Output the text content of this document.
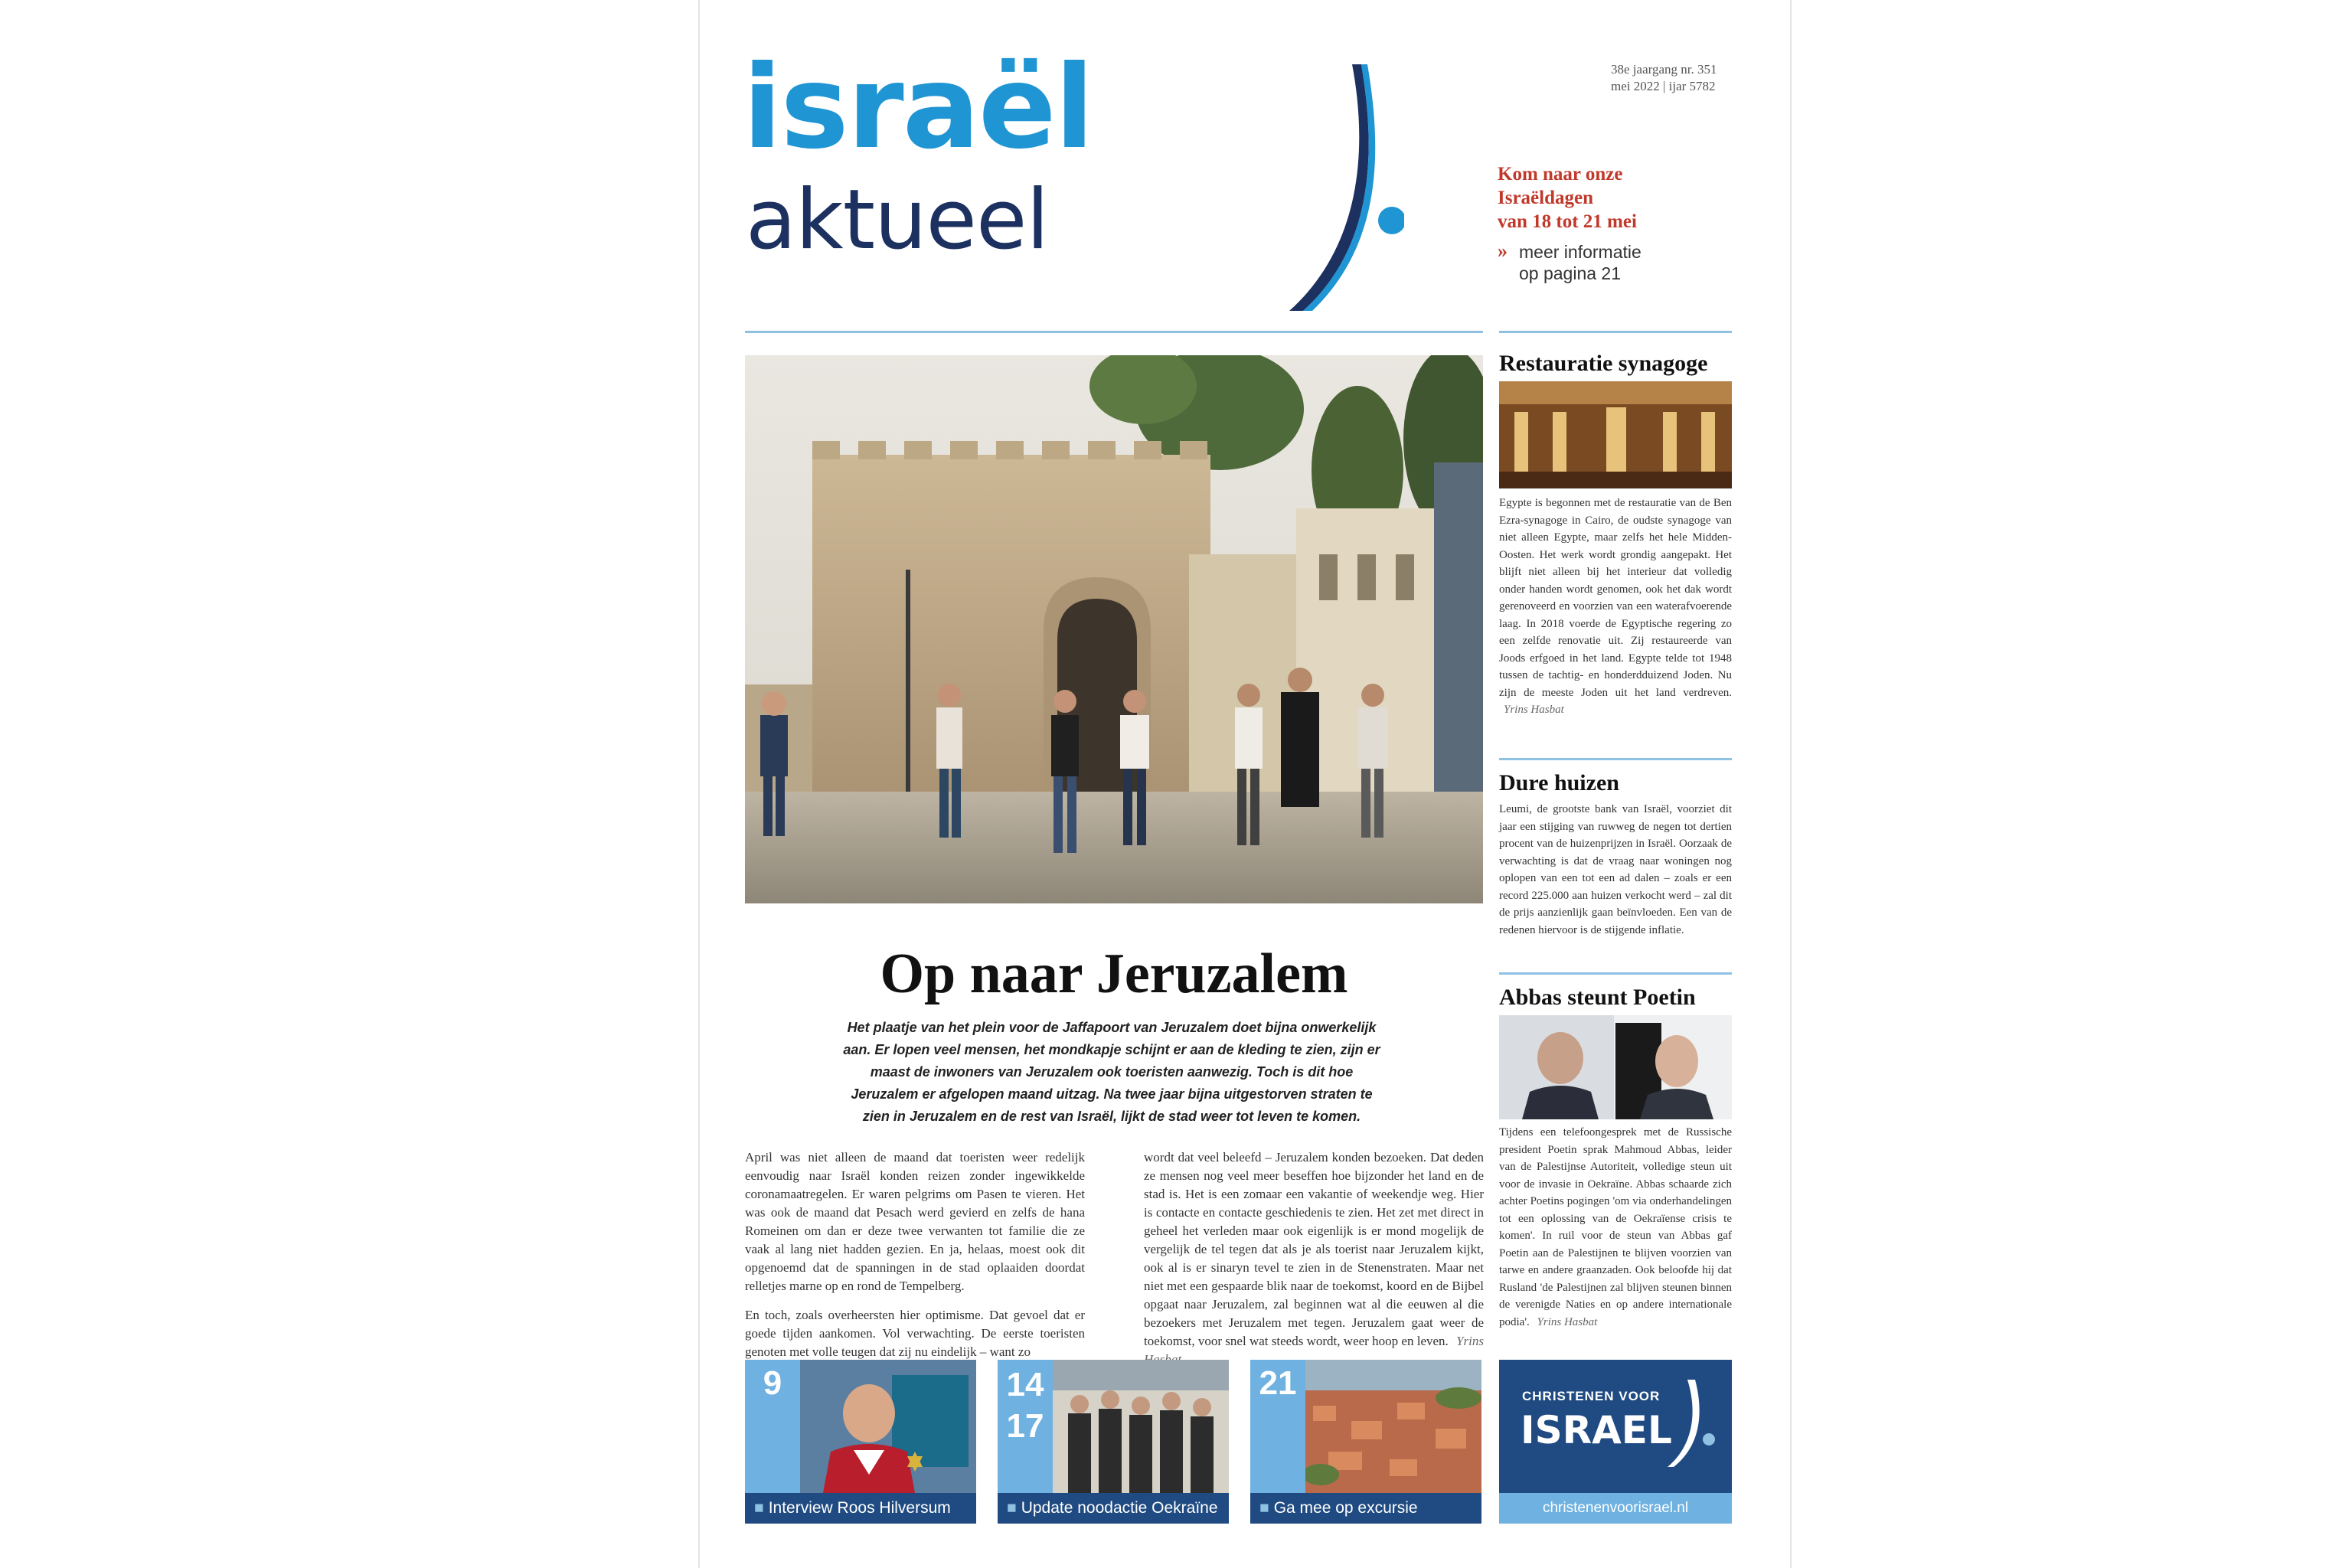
israël
aktueel
38e jaargang nr. 351
mei 2022 | ijar 5782
Kom naar onze
Israëldagen
van 18 tot 21 mei
» meer informatie
op pagina 21
Op naar Jeruzalem
Het plaatje van het plein voor de Jaffapoort van Jeruzalem doet bijna onwerkelijk aan. Er lopen veel mensen, het mondkapje schijnt er aan de kleding te zien, zijn er maast de inwoners van Jeruzalem ook toeristen aanwezig. Toch is dit hoe Jeruzalem er afgelopen maand uitzag. Na twee jaar bijna uitgestorven straten te zien in Jeruzalem en de rest van Israël, lijkt de stad weer tot leven te komen.

April was niet alleen de maand dat toeristen weer redelijk eenvoudig naar Israël konden reizen zonder ingewikkelde coronamaatregelen. Er waren pelgrims om Pasen te vieren. Het was ook de maand dat Pesach werd gevierd en zelfs de hana Romeinen om dan er deze twee verwanten tot familie die ze vaak al lang niet hadden gezien. En ja, helaas, moest ook dit opgenoemd dat de spanningen in de stad oplaaiden doordat relletjes marne op en rond de Tempelberg.

En toch, zoals overheersten hier optimisme. Dat gevoel dat er goede tijden aankomen. Vol verwachting. De eerste toeristen genoten met volle teugen dat zij nu eindelijk – want zo

wordt dat veel beleefd – Jeruzalem konden bezoeken. Dat deden ze mensen nog veel meer beseffen hoe bijzonder het land en de stad is. Het is een zomaar een vakantie of weekendje weg. Hier is contacte en contacte geschiedenis te zien. Het zet met direct in geheel het verleden maar ook eigenlijk is er mond mogelijk de vergelijk de tel tegen dat als je als toerist naar Jeruzalem kijkt, ook al is er sinaryn tevel te zien in de Stenenstraten. Maar net niet met een gespaarde blik naar de toekomst, koord en de Bijbel opgaat naar Jeruzalem, zal beginnen wat al die eeuwen al die bezoekers met Jeruzalem met tegen. Jeruzalem gaat weer de toekomst, voor snel wat steeds wordt, weer hoop en leven. Yrins
Restauratie synagoge
Egypte is begonnen met de restauratie van de Ben Ezra-synagoge in Cairo, de oudste synagoge van niet alleen Egypte, maar zelfs het hele Midden-Oosten. Het werk wordt grondig aangepakt. Het blijft niet alleen bij het interieur dat volledig onder handen wordt genomen, ook het dak wordt gerenoveerd en voorzien van een waterafvoerende laag. In 2018 voerde de Egyptische regering zo een zelfde renovatie uit. Zij restaureerde van Joods erfgoed in het land. Egypte telde tot 1948 tussen de tachtig- en honderdduizend Joden. Nu zijn de meeste Joden uit het land verdreven. Yrins Hasbat
Dure huizen
Leumi, de grootste bank van Israël, voorziet dit jaar een stijging van ruwweg de negen tot dertien procent van de huizenprijzen in Israël. Oorzaak de verwachting is dat de vraag naar woningen nog oplopen van een tot een ad dalen – zoals er een record 225.000 aan huizen verkocht werd – zal dit de prijs aanzienlijk gaan beïnvloeden. Een van de redenen hiervoor is de stijgende inflatie.
Abbas steunt Poetin
Tijdens een telefoongesprek met de Russische president Poetin sprak Mahmoud Abbas, leider van de Palestijnse Autoriteit, volledige steun uit voor de invasie in Oekraïne. Abbas schaarde zich achter Poetins pogingen 'om via onderhandelingen tot een oplossing van de Oekraïense crisis te komen'. In ruil voor de steun van Abbas gaf Poetin aan de Palestijnen te blijven voorzien van tarwe en andere graanzaden. Ook beloofde hij dat Rusland 'de Palestijnen zal blijven steunen binnen de verenigde Naties en op andere internationale podia'. Yrins Hasbat
9
■ Interview Roos Hilversum
14
17
■ Update noodactie Oekraïne
21
■ Ga mee op excursie
CHRISTENEN VOOR
ISRAEL
christenenvoorisrael.nl
